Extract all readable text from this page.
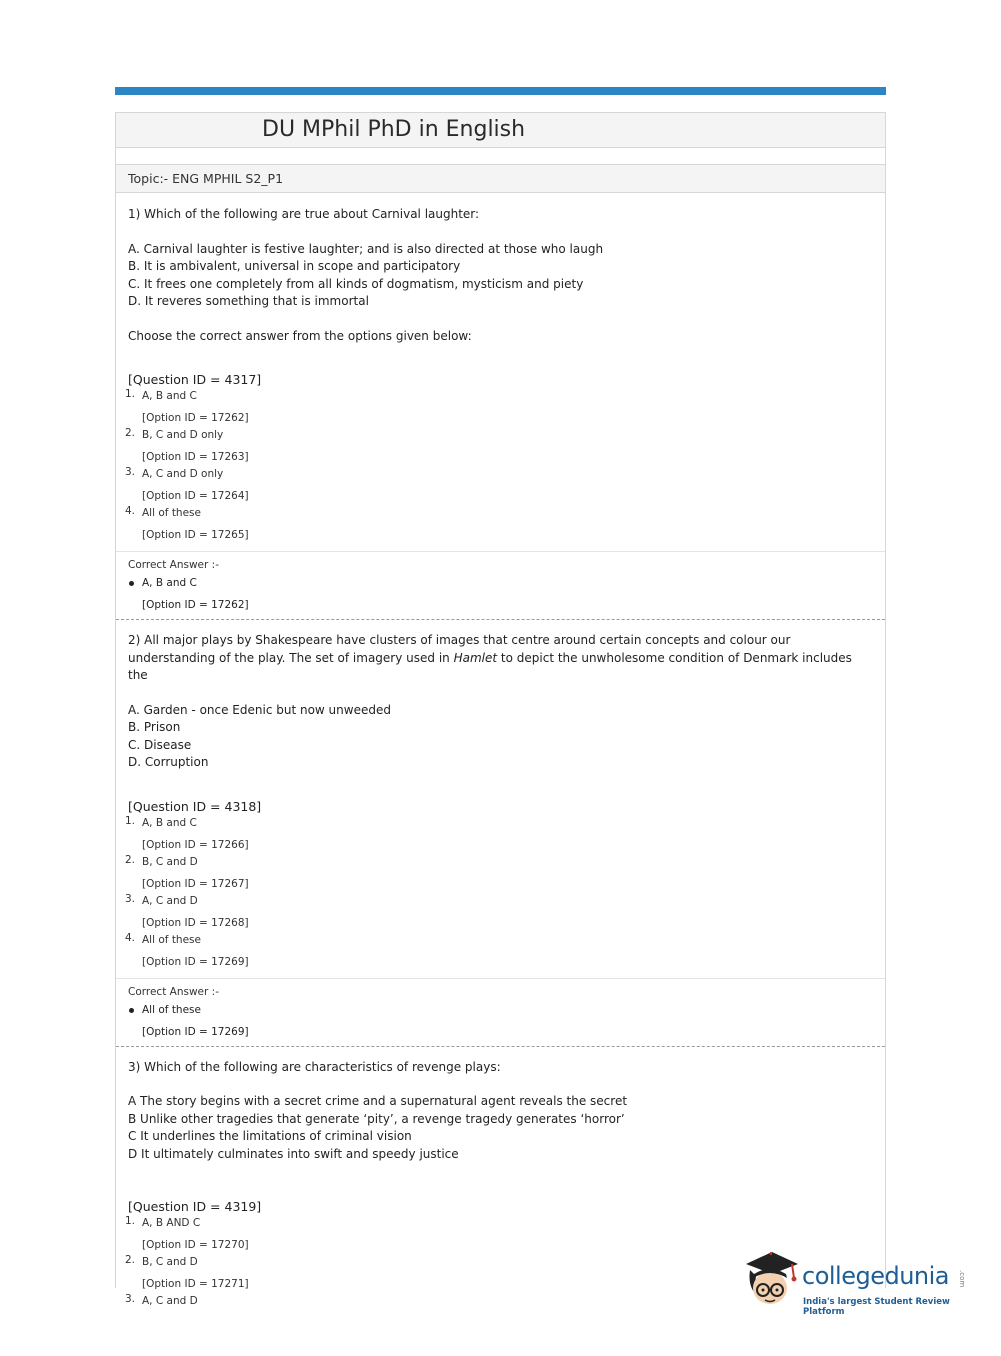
DU MPhil PhD in English
Topic:- ENG MPHIL S2_P1
1) Which of the following are true about Carnival laughter:
A. Carnival laughter is festive laughter; and is also directed at those who laugh
B. It is ambivalent, universal in scope and participatory
C. It frees one completely from all kinds of dogmatism, mysticism and piety
D. It reveres something that is immortal
Choose the correct answer from the options given below:
[Question ID = 4317]
1. A, B and C
[Option ID = 17262]
2. B, C and D only
[Option ID = 17263]
3. A, C and D only
[Option ID = 17264]
4. All of these
[Option ID = 17265]
Correct Answer :-
A, B and C
[Option ID = 17262]
2) All major plays by Shakespeare have clusters of images that centre around certain concepts and colour our understanding of the play. The set of imagery used in Hamlet to depict the unwholesome condition of Denmark includes the
A. Garden - once Edenic but now unweeded
B. Prison
C. Disease
D. Corruption
[Question ID = 4318]
1. A, B and C
[Option ID = 17266]
2. B, C and D
[Option ID = 17267]
3. A, C and D
[Option ID = 17268]
4. All of these
[Option ID = 17269]
Correct Answer :-
All of these
[Option ID = 17269]
3) Which of the following are characteristics of revenge plays:
A The story begins with a secret crime and a supernatural agent reveals the secret
B Unlike other tragedies that generate ‘pity’, a revenge tragedy generates ‘horror’
C It underlines the limitations of criminal vision
D It ultimately culminates into swift and speedy justice
[Question ID = 4319]
1. A, B AND C
[Option ID = 17270]
2. B, C and D
[Option ID = 17271]
3. A, C and D
collegedunia .com
India's largest Student Review Platform
